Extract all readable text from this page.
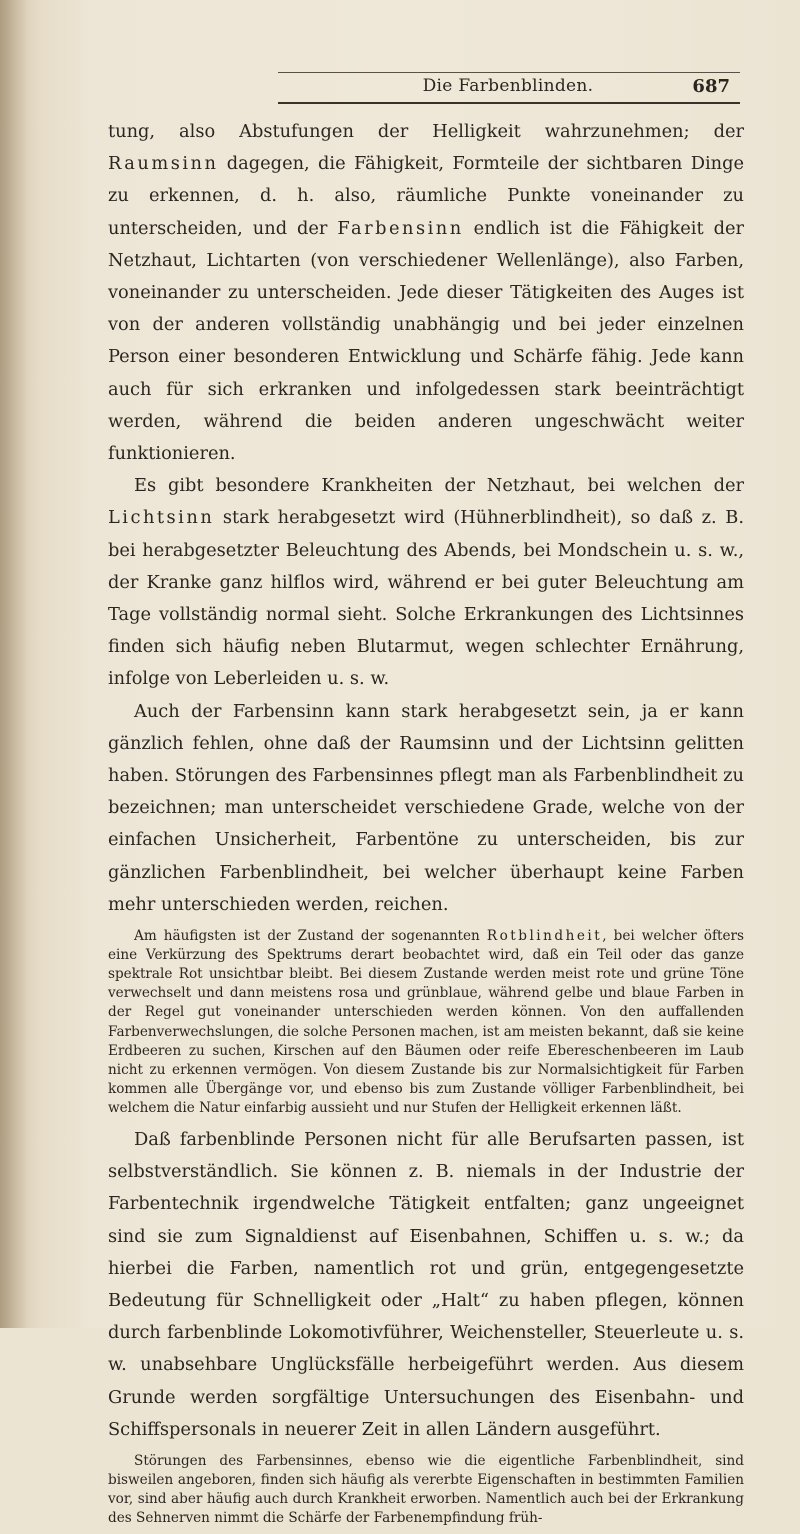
Die Farbenblinden.	687

tung, also Abstufungen der Helligkeit wahrzunehmen; der Raumsinn dagegen, die Fähigkeit, Formteile der sichtbaren Dinge zu erkennen, d. h. also, räumliche Punkte voneinander zu unterscheiden, und der Farbensinn endlich ist die Fähigkeit der Netzhaut, Lichtarten (von verschiedener Wellenlänge), also Farben, voneinander zu unterscheiden. Jede dieser Tätigkeiten des Auges ist von der anderen vollständig unabhängig und bei jeder einzelnen Person einer besonderen Entwicklung und Schärfe fähig. Jede kann auch für sich erkranken und infolgedessen stark beeinträchtigt werden, während die beiden anderen ungeschwächt weiter funktionieren.

Es gibt besondere Krankheiten der Netzhaut, bei welchen der Lichtsinn stark herabgesetzt wird (Hühnerblindheit), so daß z. B. bei herabgesetzter Beleuchtung des Abends, bei Mondschein u. s. w., der Kranke ganz hilflos wird, während er bei guter Beleuchtung am Tage vollständig normal sieht. Solche Erkrankungen des Lichtsinnes finden sich häufig neben Blutarmut, wegen schlechter Ernährung, infolge von Leberleiden u. s. w.

Auch der Farbensinn kann stark herabgesetzt sein, ja er kann gänzlich fehlen, ohne daß der Raumsinn und der Lichtsinn gelitten haben. Störungen des Farbensinnes pflegt man als Farbenblindheit zu bezeichnen; man unterscheidet verschiedene Grade, welche von der einfachen Unsicherheit, Farbentöne zu unterscheiden, bis zur gänzlichen Farbenblindheit, bei welcher überhaupt keine Farben mehr unterschieden werden, reichen.

Am häufigsten ist der Zustand der sogenannten Rotblindheit, bei welcher öfters eine Verkürzung des Spektrums derart beobachtet wird, daß ein Teil oder das ganze spektrale Rot unsichtbar bleibt. Bei diesem Zustande werden meist rote und grüne Töne verwechselt und dann meistens rosa und grünblaue, während gelbe und blaue Farben in der Regel gut voneinander unterschieden werden können. Von den auffallenden Farbenverwechslungen, die solche Personen machen, ist am meisten bekannt, daß sie keine Erdbeeren zu suchen, Kirschen auf den Bäumen oder reife Ebereschenbeeren im Laub nicht zu erkennen vermögen. Von diesem Zustande bis zur Normalsichtigkeit für Farben kommen alle Übergänge vor, und ebenso bis zum Zustande völliger Farbenblindheit, bei welchem die Natur einfarbig aussieht und nur Stufen der Helligkeit erkennen läßt.

Daß farbenblinde Personen nicht für alle Berufsarten passen, ist selbstverständlich. Sie können z. B. niemals in der Industrie der Farbentechnik irgendwelche Tätigkeit entfalten; ganz ungeeignet sind sie zum Signaldienst auf Eisenbahnen, Schiffen u. s. w.; da hierbei die Farben, namentlich rot und grün, entgegengesetzte Bedeutung für Schnelligkeit oder „Halt“ zu haben pflegen, können durch farbenblinde Lokomotivführer, Weichensteller, Steuerleute u. s. w. unabsehbare Unglücksfälle herbeigeführt werden. Aus diesem Grunde werden sorgfältige Untersuchungen des Eisenbahn- und Schiffspersonals in neuerer Zeit in allen Ländern ausgeführt.

Störungen des Farbensinnes, ebenso wie die eigentliche Farbenblindheit, sind bisweilen angeboren, finden sich häufig als vererbte Eigenschaften in bestimmten Familien vor, sind aber häufig auch durch Krankheit erworben. Namentlich auch bei der Erkrankung des Sehnerven nimmt die Schärfe der Farbenempfindung früh-
